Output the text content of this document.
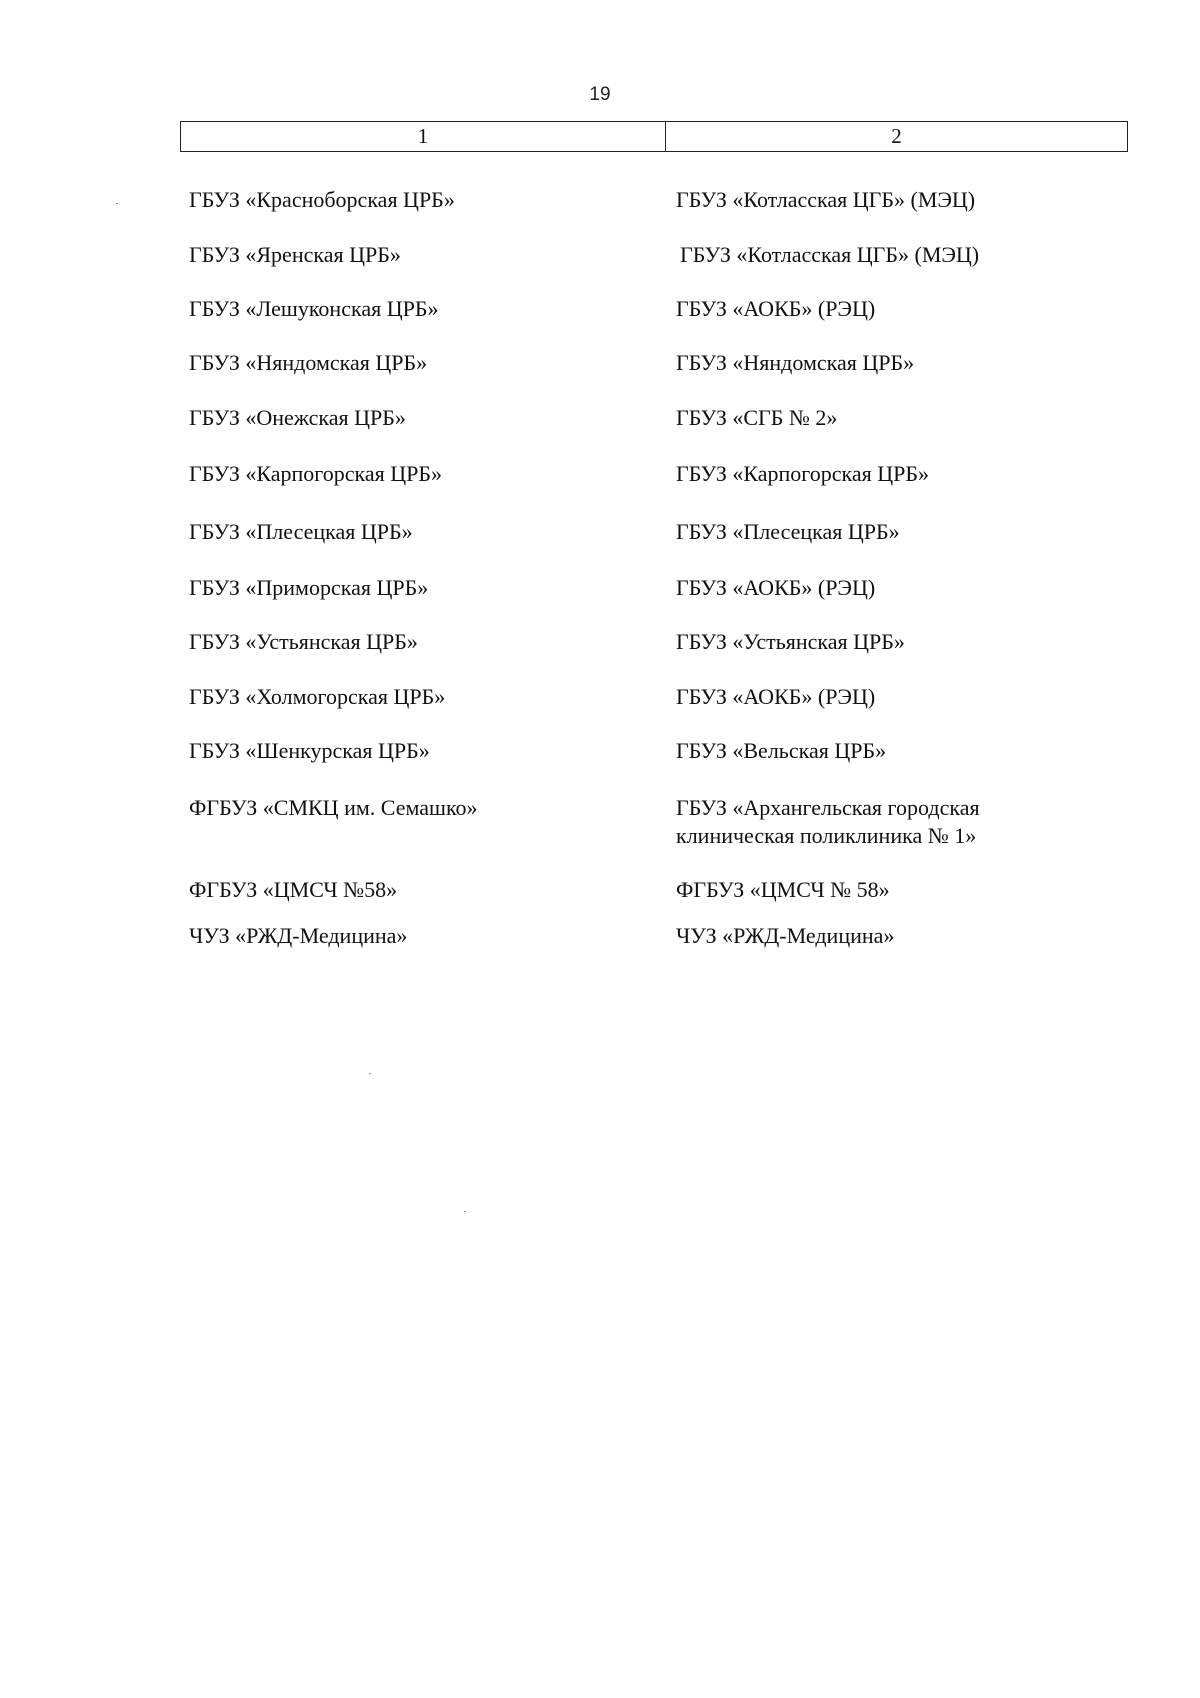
19
1	2
ГБУЗ «Красноборская ЦРБ»	ГБУЗ «Котласская ЦГБ» (МЭЦ)
ГБУЗ «Яренская ЦРБ»	ГБУЗ «Котласская ЦГБ» (МЭЦ)
ГБУЗ «Лешуконская ЦРБ»	ГБУЗ «АОКБ» (РЭЦ)
ГБУЗ «Няндомская ЦРБ»	ГБУЗ «Няндомская ЦРБ»
ГБУЗ «Онежская ЦРБ»	ГБУЗ «СГБ № 2»
ГБУЗ «Карпогорская ЦРБ»	ГБУЗ «Карпогорская ЦРБ»
ГБУЗ «Плесецкая ЦРБ»	ГБУЗ «Плесецкая ЦРБ»
ГБУЗ «Приморская ЦРБ»	ГБУЗ «АОКБ» (РЭЦ)
ГБУЗ «Устьянская ЦРБ»	ГБУЗ «Устьянская ЦРБ»
ГБУЗ «Холмогорская ЦРБ»	ГБУЗ «АОКБ» (РЭЦ)
ГБУЗ «Шенкурская ЦРБ»	ГБУЗ «Вельская ЦРБ»
ФГБУЗ «СМКЦ им. Семашко»	ГБУЗ «Архангельская городская клиническая поликлиника № 1»
ФГБУЗ «ЦМСЧ №58»	ФГБУЗ «ЦМСЧ № 58»
ЧУЗ «РЖД-Медицина»	ЧУЗ «РЖД-Медицина»
